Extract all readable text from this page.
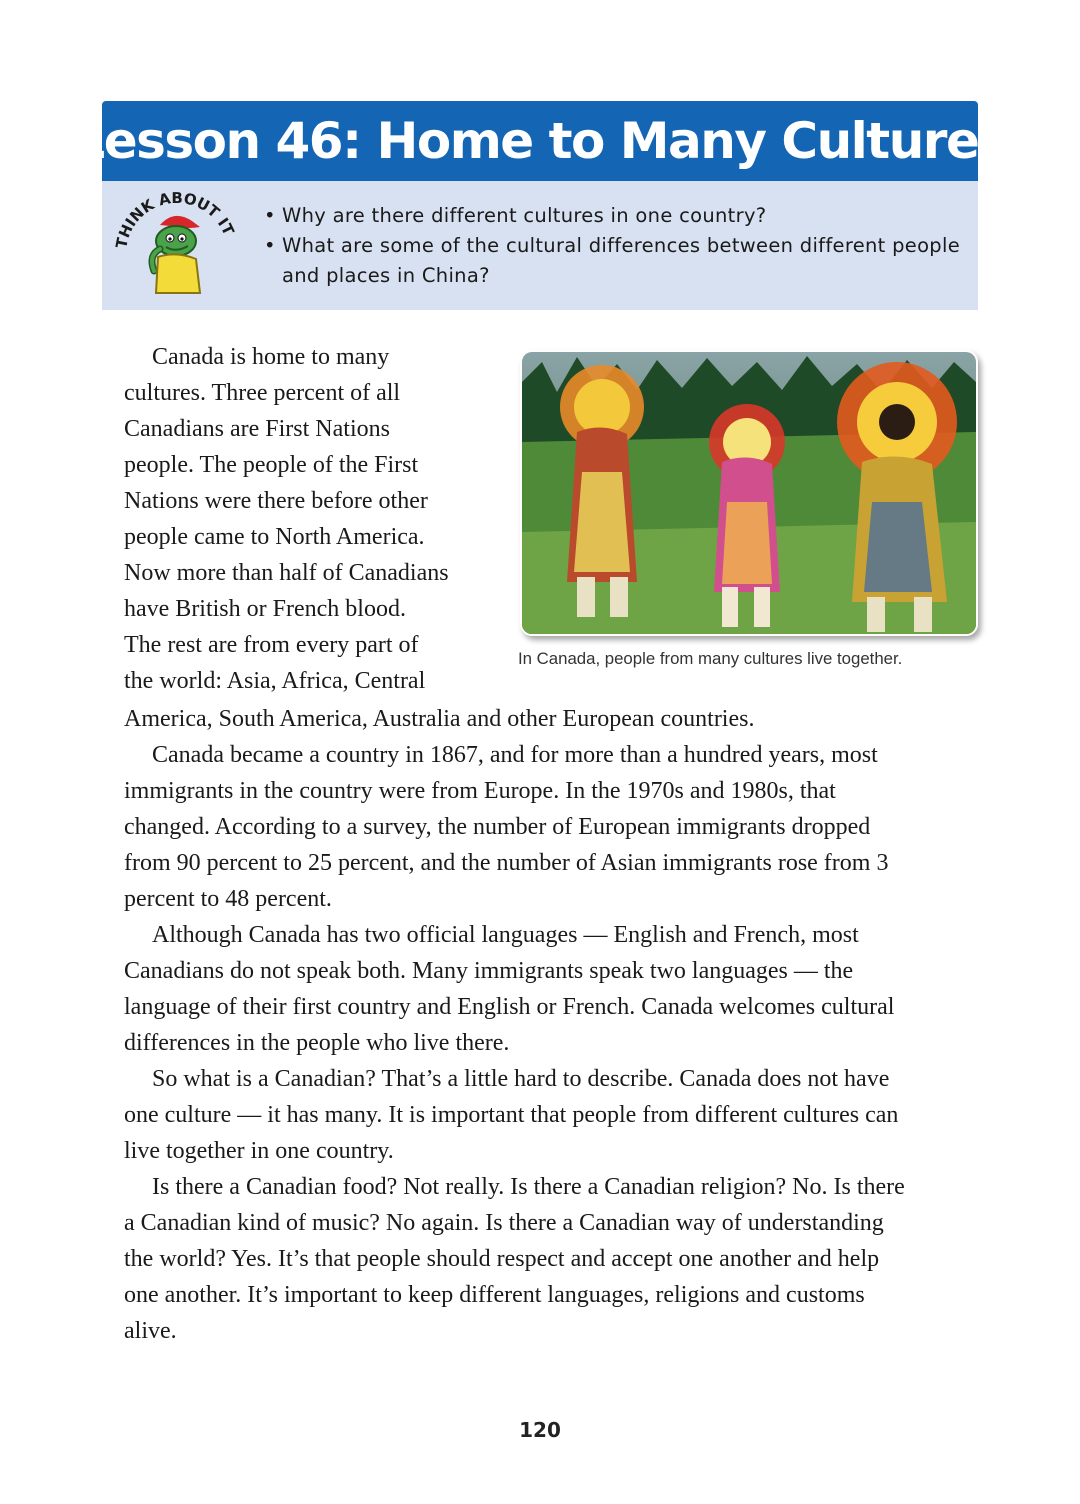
Lesson 46: Home to Many Cultures
THINK ABOUT IT
• Why are there different cultures in one country?
• What are some of the cultural differences between different people
and places in China?
In Canada, people from many cultures live together.

Canada is home to many

cultures. Three percent of all

Canadians are First Nations

people. The people of the First

Nations were there before other

people came to North America.

Now more than half of Canadians

have British or French blood.

The rest are from every part of

the world: Asia, Africa, Central

America, South America, Australia and other European countries.

Canada became a country in 1867, and for more than a hundred years, most

immigrants in the country were from Europe. In the 1970s and 1980s, that

changed. According to a survey, the number of European immigrants dropped

from 90 percent to 25 percent, and the number of Asian immigrants rose from 3

percent to 48 percent.

Although Canada has two official languages — English and French, most

Canadians do not speak both. Many immigrants speak two languages — the

language of their first country and English or French. Canada welcomes cultural

differences in the people who live there.

So what is a Canadian? That’s a little hard to describe. Canada does not have

one culture — it has many. It is important that people from different cultures can

live together in one country.

Is there a Canadian food? Not really. Is there a Canadian religion? No. Is there

a Canadian kind of music? No again. Is there a Canadian way of understanding

the world? Yes. It’s that people should respect and accept one another and help

one another. It’s important to keep different languages, religions and customs

alive.

120
